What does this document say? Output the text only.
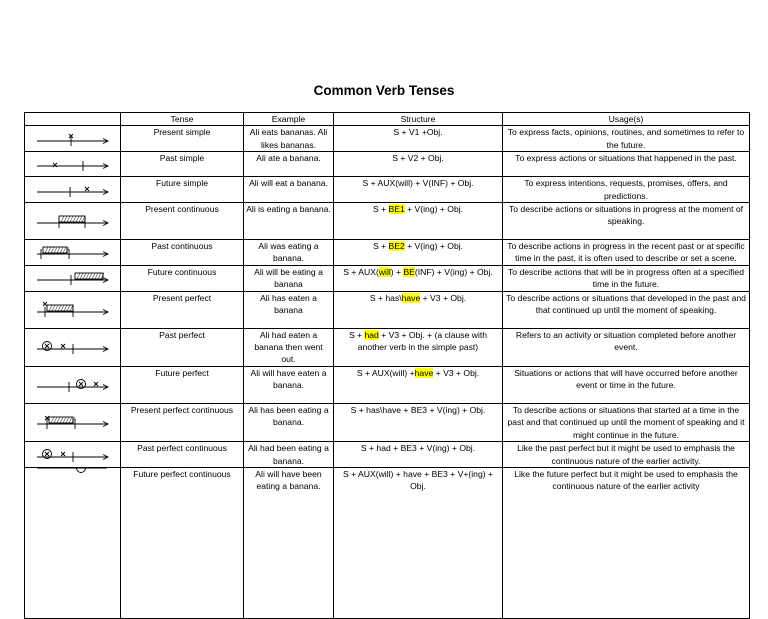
Common Verb Tenses
	Tense	Example	Structure	Usage(s)

	Present simple	Ali eats bananas. Ali likes bananas.	S + V1 +Obj.	To express facts, opinions, routines, and sometimes to refer to the future.

	Past simple	Ali ate a banana.	S + V2 + Obj.	To express actions or situations that happened in the past.

	Future simple	Ali will eat a banana.	S + AUX(will) + V(INF) + Obj.	To express intentions, requests, promises, offers, and predictions.

	Present continuous	Ali is eating a banana.	S + BE1 + V(ing) + Obj.	To describe actions or situations in progress at the moment of speaking.

	Past continuous	Ali was eating a banana.	S + BE2 + V(ing) + Obj.	To describe actions in progress in the recent past or at specific time in the past, it is often used to describe or set a scene.

	Future continuous	Ali will be eating a banana	S + AUX(will) + BE(INF) + V(ing) + Obj.	To describe actions that will be in progress often at a specified time in the future.

	Present perfect	Ali has eaten a banana	S + has\have + V3 + Obj.	To describe actions or situations that developed in the past and that continued up until the moment of speaking.

	Past perfect	Ali had eaten a banana then went out.	S + had + V3 + Obj. + (a clause with another verb in the simple past)	Refers to an activity or situation completed before another event.

	Future perfect	Ali will have eaten a banana.	S + AUX(will) +have + V3 + Obj.	Situations or actions that will have occurred before another event or time in the future.

	Present perfect continuous	Ali has been eating a banana.	S + has\have + BE3 + V(ing) + Obj.	To describe actions or situations that started at a time in the past and that continued up until the moment of speaking and it might continue in the future.

	Past perfect continuous	Ali had been eating a banana.	S + had + BE3 + V(ing) + Obj.	Like the past perfect but it might be used to emphasis the continuous nature of the earlier activity.

	Future perfect continuous	Ali will have been eating a banana.	S + AUX(will) + have + BE3 + V+(ing) + Obj.	Like the future perfect but it might be used to emphasis the continuous nature of the earlier activity
